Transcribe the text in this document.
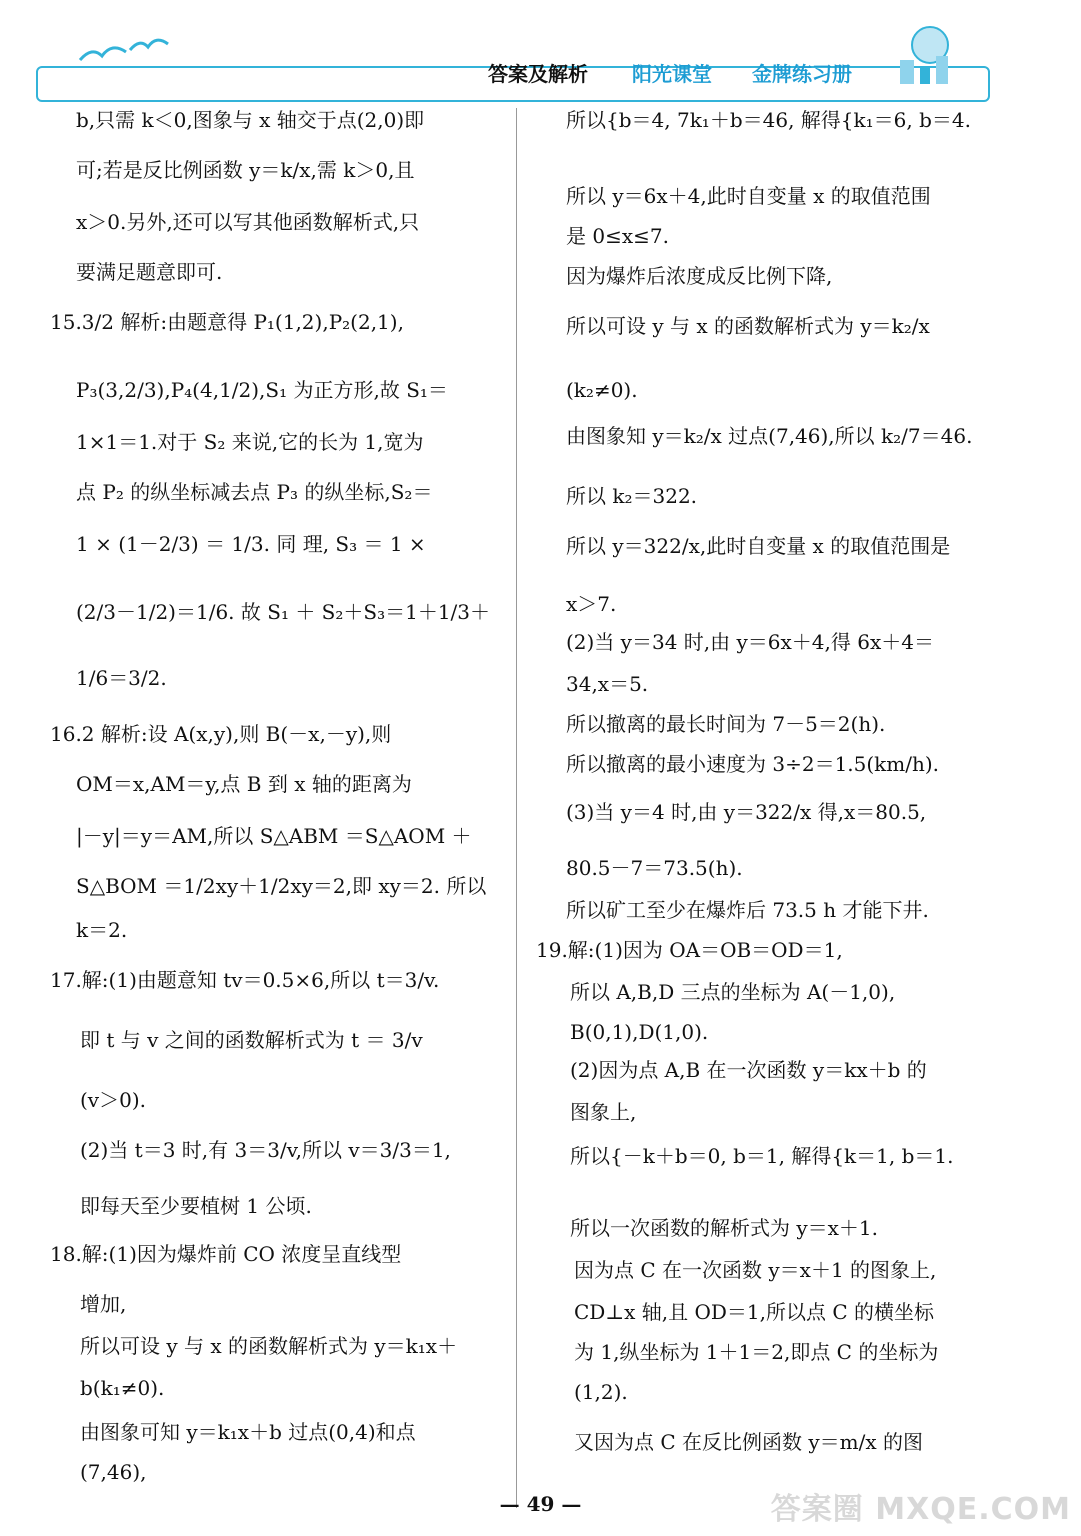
答案及解析 阳光课堂 金牌练习册
b,只需 k＜0,图象与 x 轴交于点(2,0)即
可;若是反比例函数 y＝k/x,需 k＞0,且
x＞0.另外,还可以写其他函数解析式,只
要满足题意即可.
15.3/2 解析:由题意得 P₁(1,2),P₂(2,1),
P₃(3,2/3),P₄(4,1/2),S₁ 为正方形,故 S₁＝
1×1＝1.对于 S₂ 来说,它的长为 1,宽为
点 P₂ 的纵坐标减去点 P₃ 的纵坐标,S₂＝
1 × (1－2/3) ＝ 1/3. 同 理, S₃ ＝ 1 ×
(2/3－1/2)＝1/6. 故 S₁ ＋ S₂＋S₃＝1＋1/3＋
1/6＝3/2.
16.2 解析:设 A(x,y),则 B(－x,－y),则
OM＝x,AM＝y,点 B 到 x 轴的距离为
|－y|＝y＝AM,所以 S△ABM ＝S△AOM ＋
S△BOM ＝1/2xy＋1/2xy＝2,即 xy＝2. 所以
k＝2.
17.解:(1)由题意知 tv＝0.5×6,所以 t＝3/v.
即 t 与 v 之间的函数解析式为 t ＝ 3/v
(v＞0).
(2)当 t＝3 时,有 3＝3/v,所以 v＝3/3＝1,
即每天至少要植树 1 公顷.
18.解:(1)因为爆炸前 CO 浓度呈直线型
增加,
所以可设 y 与 x 的函数解析式为 y＝k₁x＋
b(k₁≠0).
由图象可知 y＝k₁x＋b 过点(0,4)和点
(7,46),
所以{b＝4, 7k₁＋b＝46, 解得{k₁＝6, b＝4.
所以 y＝6x＋4,此时自变量 x 的取值范围
是 0≤x≤7.
因为爆炸后浓度成反比例下降,
所以可设 y 与 x 的函数解析式为 y＝k₂/x
(k₂≠0).
由图象知 y＝k₂/x 过点(7,46),所以 k₂/7＝46.
所以 k₂＝322.
所以 y＝322/x,此时自变量 x 的取值范围是
x＞7.
(2)当 y＝34 时,由 y＝6x＋4,得 6x＋4＝
34,x＝5.
所以撤离的最长时间为 7－5＝2(h).
所以撤离的最小速度为 3÷2＝1.5(km/h).
(3)当 y＝4 时,由 y＝322/x 得,x＝80.5,
80.5－7＝73.5(h).
所以矿工至少在爆炸后 73.5 h 才能下井.
19.解:(1)因为 OA＝OB＝OD＝1,
所以 A,B,D 三点的坐标为 A(－1,0),
B(0,1),D(1,0).
(2)因为点 A,B 在一次函数 y＝kx＋b 的
图象上,
所以{－k＋b＝0, b＝1, 解得{k＝1, b＝1.
所以一次函数的解析式为 y＝x＋1.
因为点 C 在一次函数 y＝x＋1 的图象上,
CD⊥x 轴,且 OD＝1,所以点 C 的横坐标
为 1,纵坐标为 1＋1＝2,即点 C 的坐标为
(1,2).
又因为点 C 在反比例函数 y＝m/x 的图
— 49 —	答案圈 MXQE.COM
